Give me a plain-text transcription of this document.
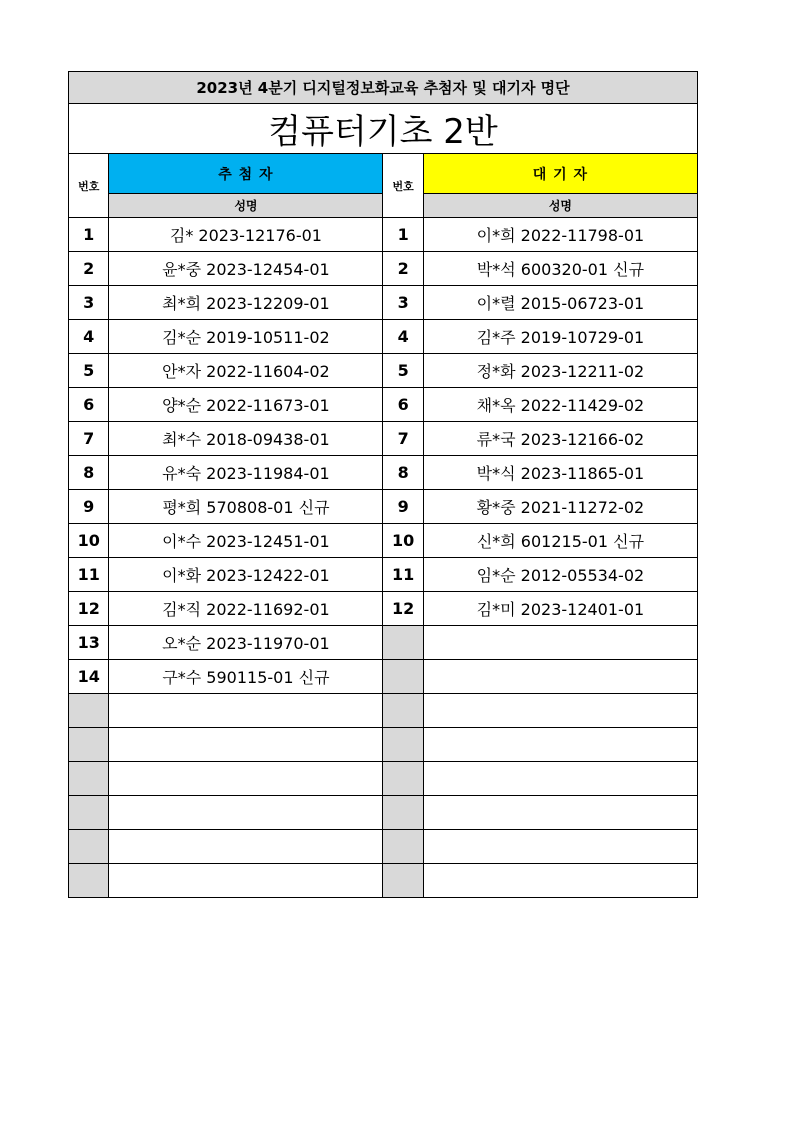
2023년 4분기 디지털정보화교육 추첨자 및 대기자 명단			
컴퓨터기초 2반			
번호	추 첨 자	번호	대 기 자
	성명		성명
1	김* 2023-12176-01	1	이*희 2022-11798-01
2	윤*중 2023-12454-01	2	박*석 600320-01 신규
3	최*희 2023-12209-01	3	이*렬 2015-06723-01
4	김*순 2019-10511-02	4	김*주 2019-10729-01
5	안*자 2022-11604-02	5	정*화 2023-12211-02
6	양*순 2022-11673-01	6	채*옥 2022-11429-02
7	최*수 2018-09438-01	7	류*국 2023-12166-02
8	유*숙 2023-11984-01	8	박*식 2023-11865-01
9	평*희 570808-01 신규	9	황*중 2021-11272-02
10	이*수 2023-12451-01	10	신*희 601215-01 신규
11	이*화 2023-12422-01	11	임*순 2012-05534-02
12	김*직 2022-11692-01	12	김*미 2023-12401-01
13	오*순 2023-11970-01		
14	구*수 590115-01 신규		
